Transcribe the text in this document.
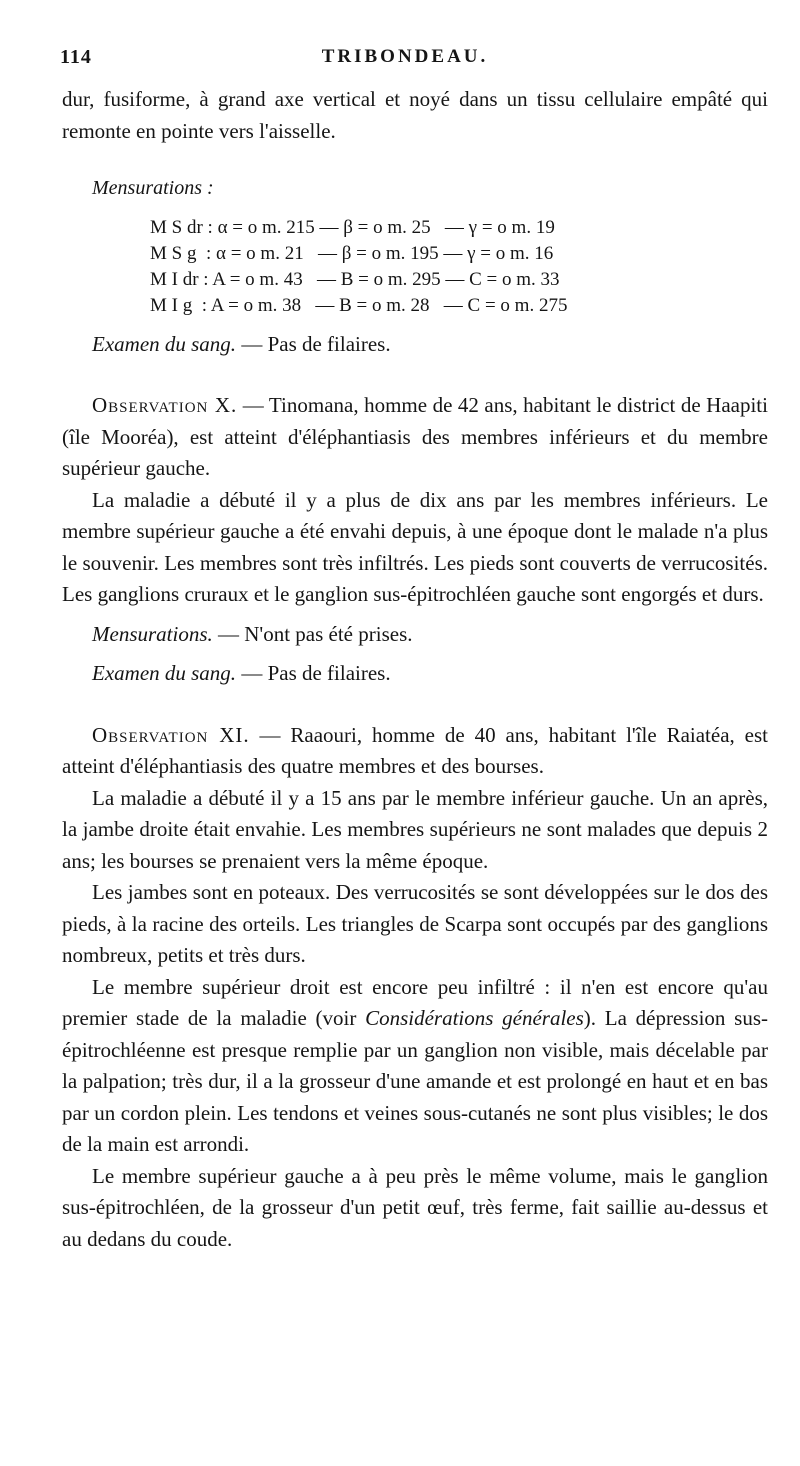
114	TRIBONDEAU.

dur, fusiforme, à grand axe vertical et noyé dans un tissu cellulaire empâté qui remonte en pointe vers l'aisselle.

Mensurations :

M S dr : α = o m. 215 — β = o m. 25   — γ = o m. 19
M S g  : α = o m. 21   — β = o m. 195 — γ = o m. 16
M I dr : A = o m. 43   — B = o m. 295 — C = o m. 33
M I g  : A = o m. 38   — B = o m. 28   — C = o m. 275

Examen du sang. — Pas de filaires.

Observation X. — Tinomana, homme de 42 ans, habitant le district de Haapiti (île Mooréa), est atteint d'éléphantiasis des membres inférieurs et du membre supérieur gauche.

La maladie a débuté il y a plus de dix ans par les membres inférieurs. Le membre supérieur gauche a été envahi depuis, à une époque dont le malade n'a plus le souvenir. Les membres sont très infiltrés. Les pieds sont couverts de verrucosités. Les ganglions cruraux et le ganglion sus-épitrochléen gauche sont engorgés et durs.

Mensurations. — N'ont pas été prises.

Examen du sang. — Pas de filaires.

Observation XI. — Raaouri, homme de 40 ans, habitant l'île Raiatéa, est atteint d'éléphantiasis des quatre membres et des bourses.

La maladie a débuté il y a 15 ans par le membre inférieur gauche. Un an après, la jambe droite était envahie. Les membres supérieurs ne sont malades que depuis 2 ans; les bourses se prenaient vers la même époque.

Les jambes sont en poteaux. Des verrucosités se sont développées sur le dos des pieds, à la racine des orteils. Les triangles de Scarpa sont occupés par des ganglions nombreux, petits et très durs.

Le membre supérieur droit est encore peu infiltré : il n'en est encore qu'au premier stade de la maladie (voir Considérations générales). La dépression sus-épitrochléenne est presque remplie par un ganglion non visible, mais décelable par la palpation; très dur, il a la grosseur d'une amande et est prolongé en haut et en bas par un cordon plein. Les tendons et veines sous-cutanés ne sont plus visibles; le dos de la main est arrondi.

Le membre supérieur gauche a à peu près le même volume, mais le ganglion sus-épitrochléen, de la grosseur d'un petit œuf, très ferme, fait saillie au-dessus et au dedans du coude.
